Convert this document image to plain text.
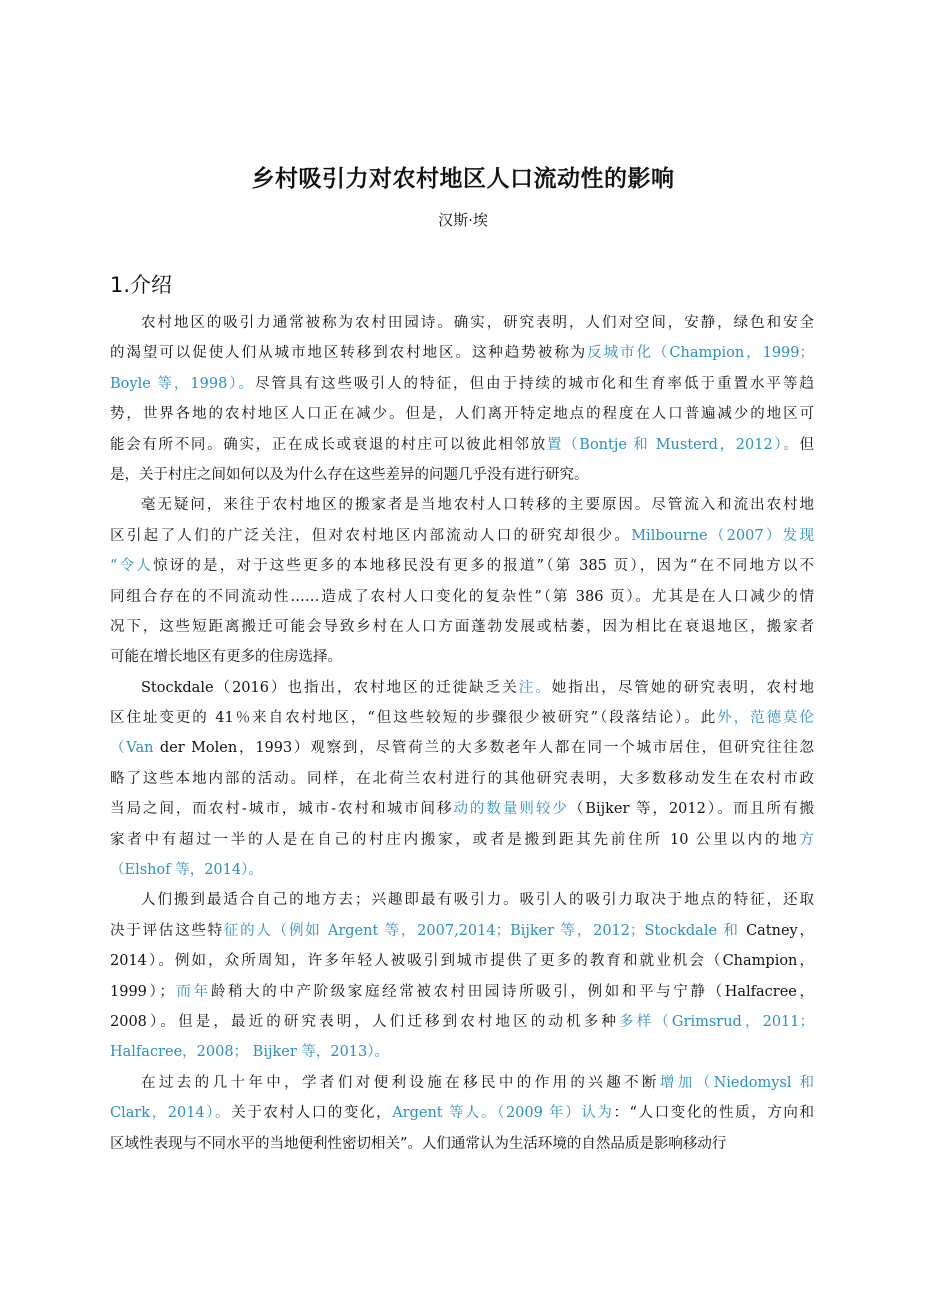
乡村吸引力对农村地区人口流动性的影响
汉斯·埃
1.介绍
农村地区的吸引力通常被称为农村田园诗。确实，研究表明，人们对空间，安静，绿色和安全
的渴望可以促使人们从城市地区转移到农村地区。这种趋势被称为反城市化（Champion，1999；
Boyle 等，1998）。尽管具有这些吸引人的特征，但由于持续的城市化和生育率低于重置水平等趋
势，世界各地的农村地区人口正在减少。但是，人们离开特定地点的程度在人口普遍减少的地区可
能会有所不同。确实，正在成长或衰退的村庄可以彼此相邻放置（Bontje 和 Musterd，2012）。但
是，关于村庄之间如何以及为什么存在这些差异的问题几乎没有进行研究。
毫无疑问，来往于农村地区的搬家者是当地农村人口转移的主要原因。尽管流入和流出农村地
区引起了人们的广泛关注，但对农村地区内部流动人口的研究却很少。Milbourne（2007）发现
“令人惊讶的是，对于这些更多的本地移民没有更多的报道”（第 385 页），因为“在不同地方以不
同组合存在的不同流动性……造成了农村人口变化的复杂性”（第 386 页）。尤其是在人口减少的情
况下，这些短距离搬迁可能会导致乡村在人口方面蓬勃发展或枯萎，因为相比在衰退地区，搬家者
可能在增长地区有更多的住房选择。
Stockdale（2016）也指出，农村地区的迁徙缺乏关注。她指出，尽管她的研究表明，农村地
区住址变更的 41％来自农村地区，“但这些较短的步骤很少被研究”（段落结论）。此外，范德莫伦
（Van der Molen，1993）观察到，尽管荷兰的大多数老年人都在同一个城市居住，但研究往往忽
略了这些本地内部的活动。同样，在北荷兰农村进行的其他研究表明，大多数移动发生在农村市政
当局之间，而农村-城市，城市-农村和城市间移动的数量则较少（Bijker 等，2012）。而且所有搬
家者中有超过一半的人是在自己的村庄内搬家，或者是搬到距其先前住所 10 公里以内的地方
（Elshof 等，2014）。
人们搬到最适合自己的地方去；兴趣即最有吸引力。吸引人的吸引力取决于地点的特征，还取
决于评估这些特征的人（例如 Argent 等，2007,2014；Bijker 等，2012；Stockdale 和 Catney，
2014）。例如，众所周知，许多年轻人被吸引到城市提供了更多的教育和就业机会（Champion，
1999）；而年龄稍大的中产阶级家庭经常被农村田园诗所吸引，例如和平与宁静（Halfacree，
2008）。但是，最近的研究表明，人们迁移到农村地区的动机多种多样（Grimsrud，2011；
Halfacree，2008； Bijker 等，2013）。
在过去的几十年中，学者们对便利设施在移民中的作用的兴趣不断增加（Niedomysl 和
Clark，2014）。关于农村人口的变化，Argent 等人。（2009 年）认为：“人口变化的性质，方向和
区域性表现与不同水平的当地便利性密切相关”。人们通常认为生活环境的自然品质是影响移动行
